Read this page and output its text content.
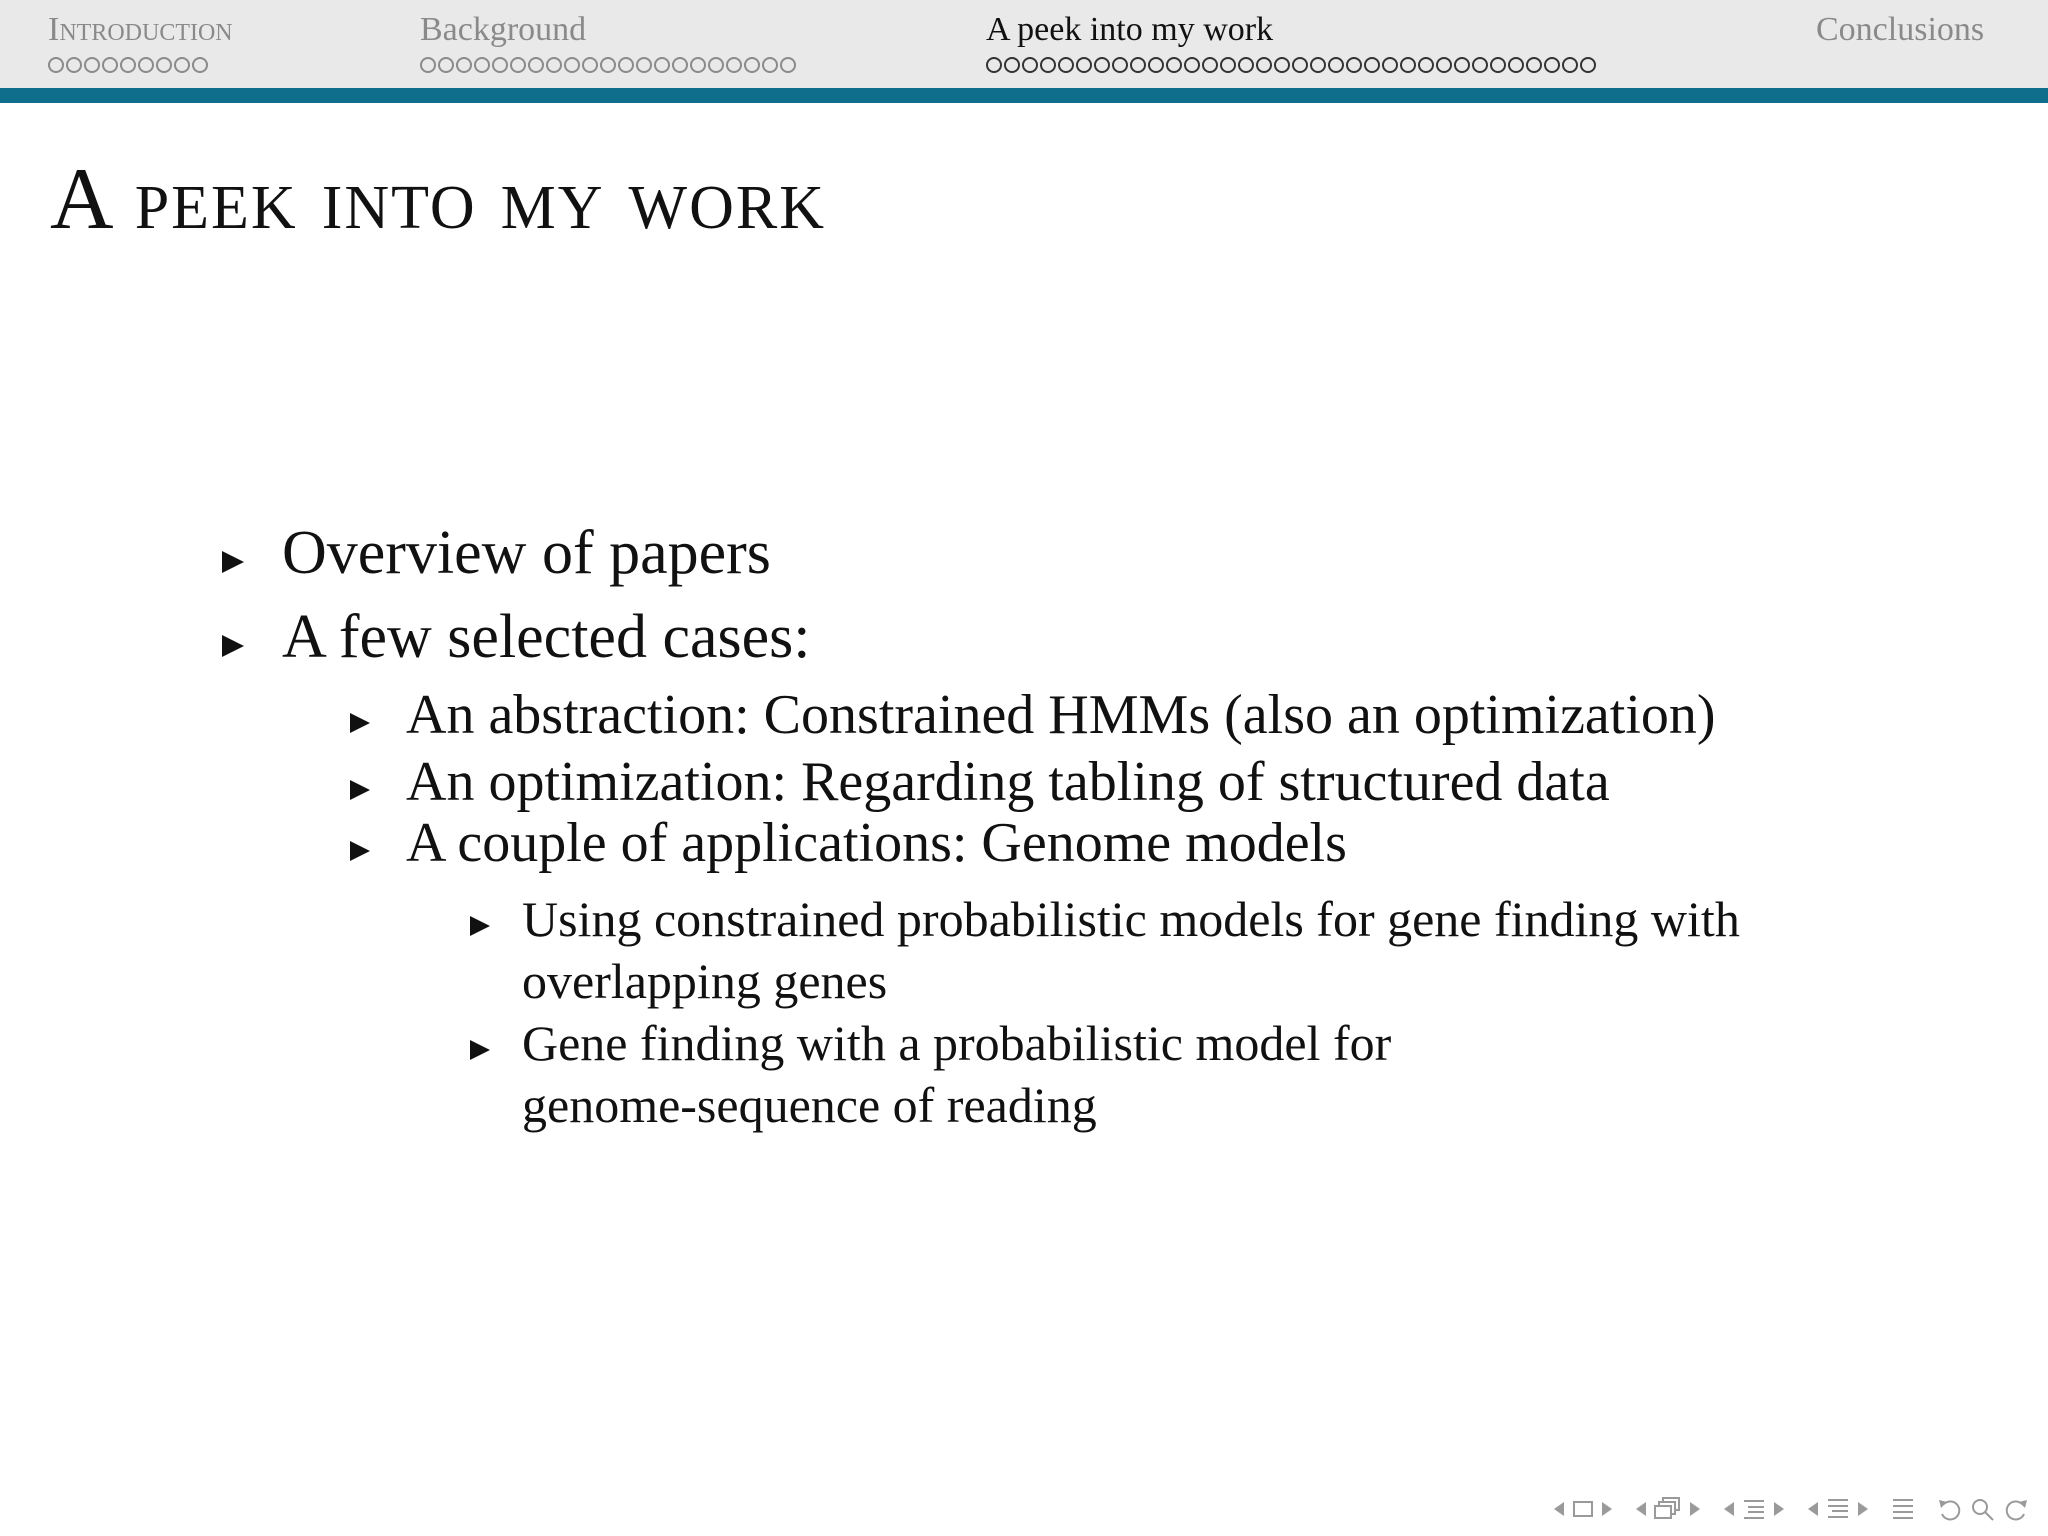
Introduction	Background	A peek into my work	Conclusions
A peek into my work
Overview of papers
A few selected cases:
An abstraction: Constrained HMMs (also an optimization)
An optimization: Regarding tabling of structured data
A couple of applications: Genome models
Using constrained probabilistic models for gene finding with overlapping genes
Gene finding with a probabilistic model for genome-sequence of reading
